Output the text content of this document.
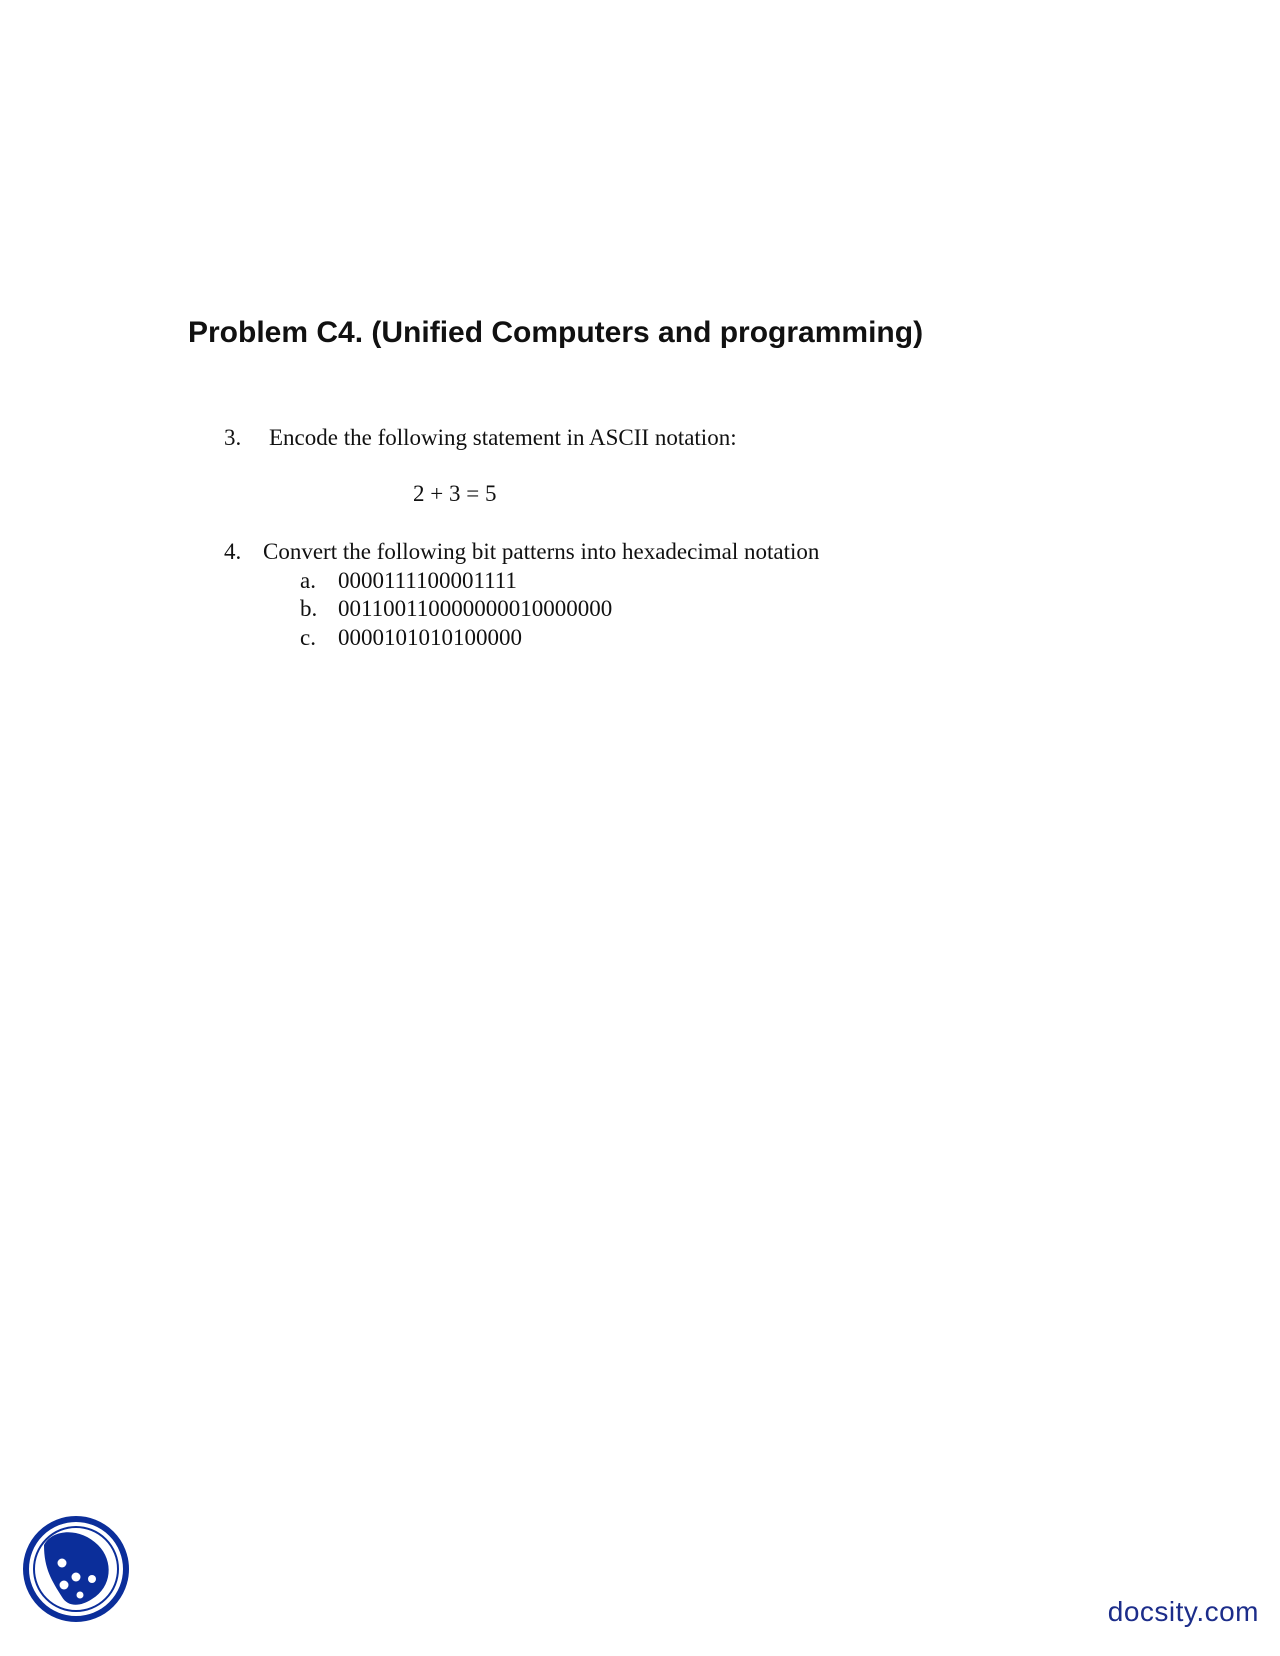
Problem C4. (Unified Computers and programming)
3. Encode the following statement in ASCII notation:
2 + 3 = 5
4. Convert the following bit patterns into hexadecimal notation
a. 0000111100001111
b. 001100110000000010000000
c. 0000101010100000
docsity.com
